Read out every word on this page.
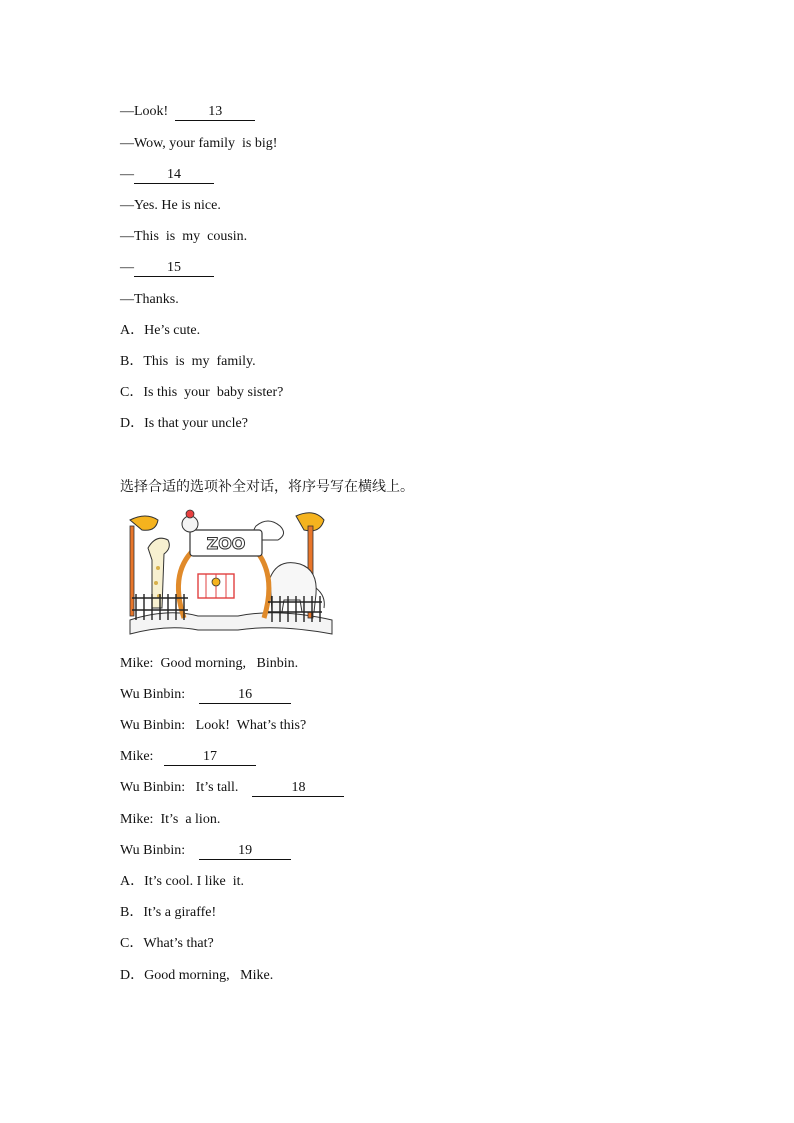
—Look!  13
—Wow, your family  is big!
— 14
—Yes. He is nice.
—This  is  my  cousin.
— 15
—Thanks.
A．He’s cute.
B．This  is  my  family.
C．Is this  your  baby sister?
D．Is that your uncle?
选择合适的选项补全对话，将序号写在横线上。
ZOO
Mike:  Good morning,   Binbin.
Wu Binbin:	16
Wu Binbin:   Look!  What’s this?
Mike:	17
Wu Binbin:   It’s tall.	18
Mike:  It’s  a lion.
Wu Binbin:	19
A．It’s cool. I like  it.
B．It’s a giraffe!
C．What’s that?
D．Good morning,   Mike.
